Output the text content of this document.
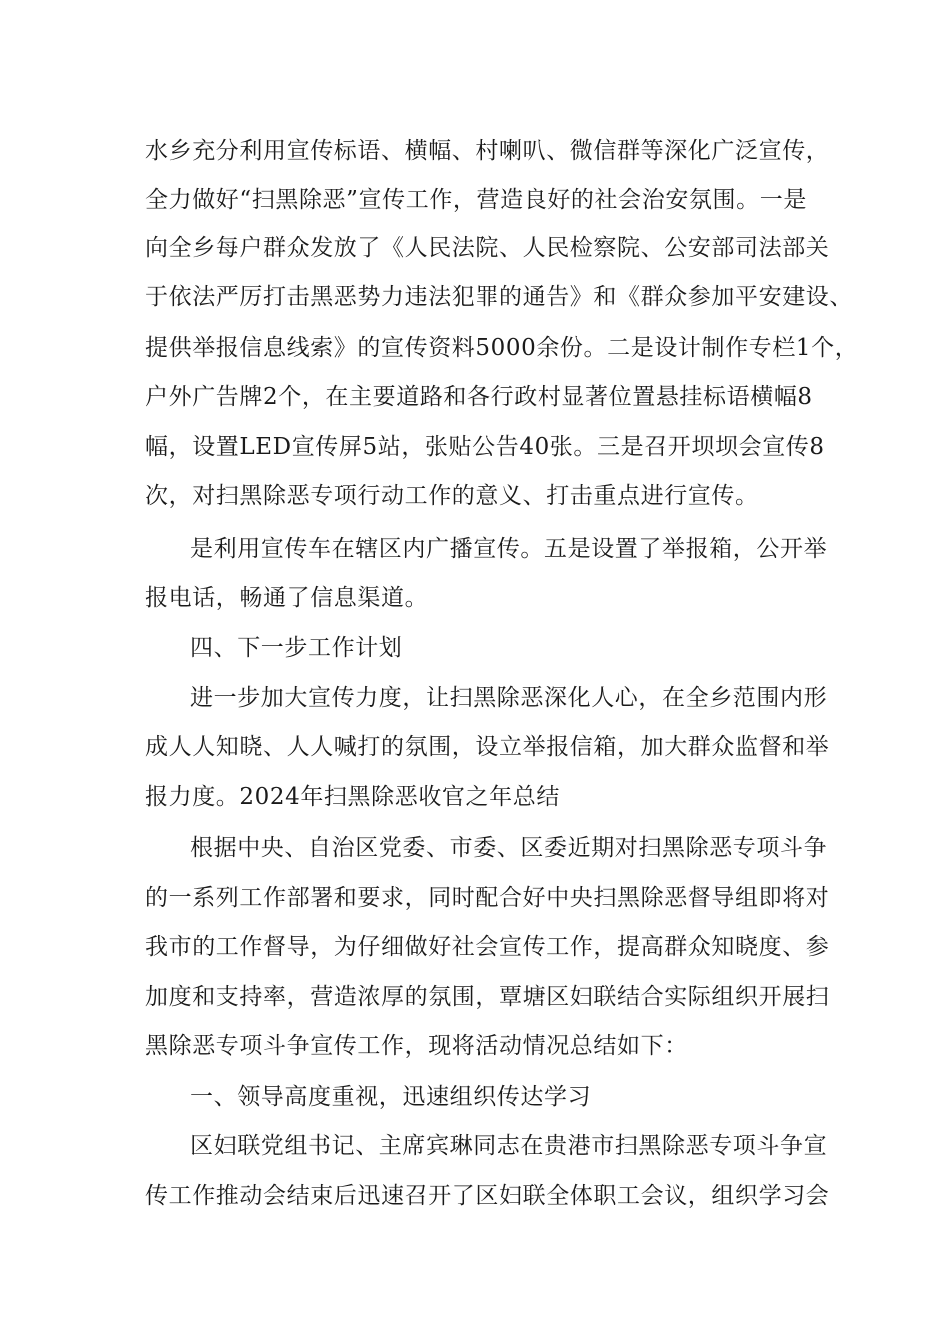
水乡充分利用宣传标语、横幅、村喇叭、微信群等深化广泛宣传，
全力做好“扫黑除恶”宣传工作，营造良好的社会治安氛围。一是
向全乡每户群众发放了《人民法院、人民检察院、公安部司法部关
于依法严厉打击黑恶势力违法犯罪的通告》和《群众参加平安建设、
提供举报信息线索》的宣传资料5000余份。二是设计制作专栏1个，
户外广告牌2个，在主要道路和各行政村显著位置悬挂标语横幅8
幅，设置LED宣传屏5站，张贴公告40张。三是召开坝坝会宣传8
次，对扫黑除恶专项行动工作的意义、打击重点进行宣传。
是利用宣传车在辖区内广播宣传。五是设置了举报箱，公开举
报电话，畅通了信息渠道。
四、下一步工作计划
进一步加大宣传力度，让扫黑除恶深化人心，在全乡范围内形
成人人知晓、人人喊打的氛围，设立举报信箱，加大群众监督和举
报力度。2024年扫黑除恶收官之年总结
根据中央、自治区党委、市委、区委近期对扫黑除恶专项斗争
的一系列工作部署和要求，同时配合好中央扫黑除恶督导组即将对
我市的工作督导，为仔细做好社会宣传工作，提高群众知晓度、参
加度和支持率，营造浓厚的氛围，覃塘区妇联结合实际组织开展扫
黑除恶专项斗争宣传工作，现将活动情况总结如下：
一、领导高度重视，迅速组织传达学习
区妇联党组书记、主席宾琳同志在贵港市扫黑除恶专项斗争宣
传工作推动会结束后迅速召开了区妇联全体职工会议，组织学习会
